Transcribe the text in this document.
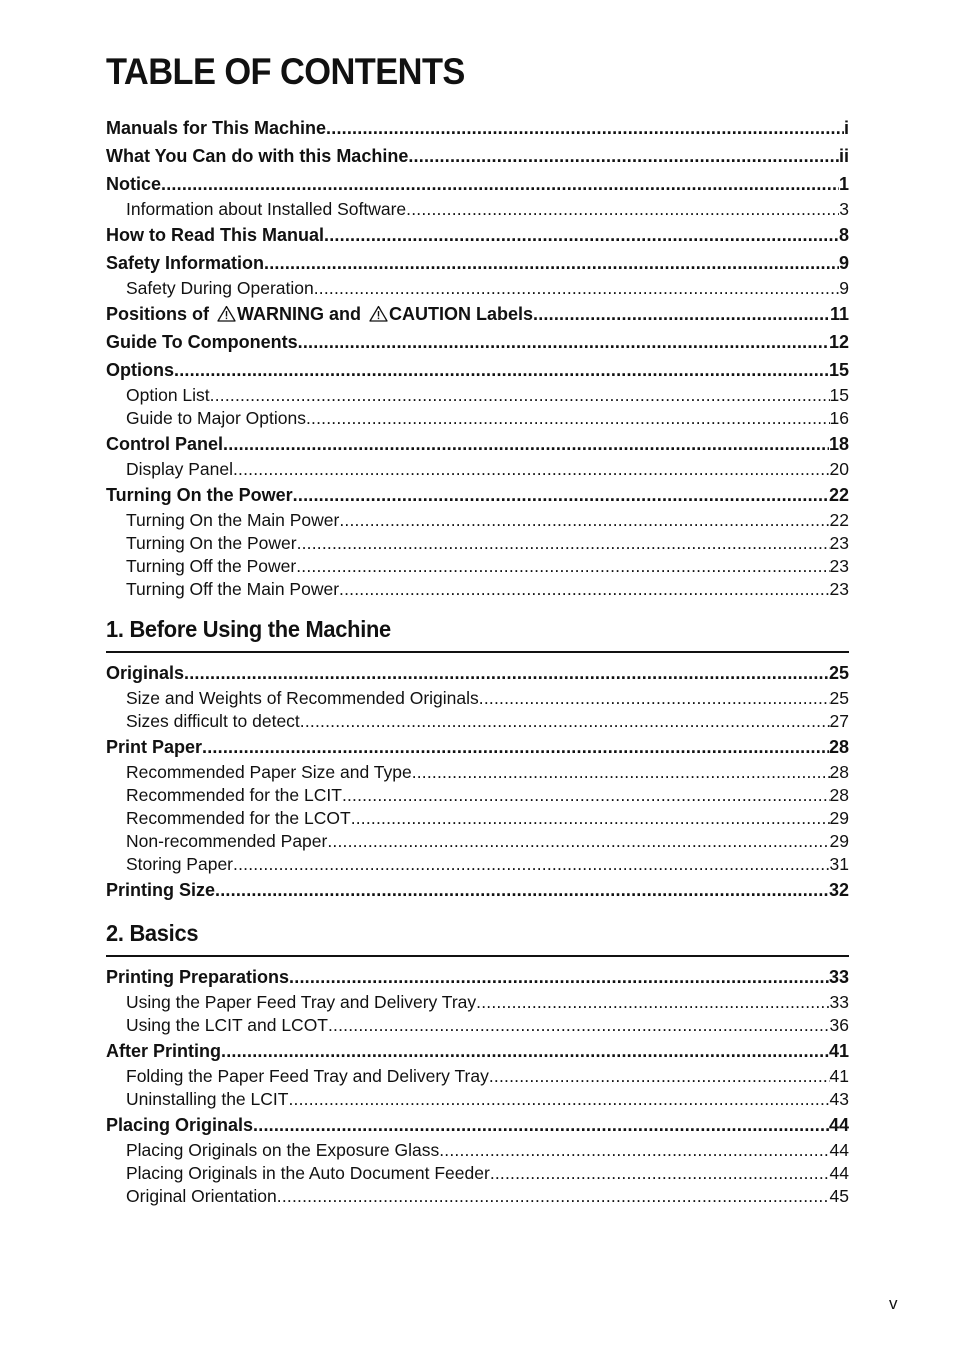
TABLE OF CONTENTS
Manuals for This Machine .....	i
What You Can do with this Machine .....	ii
Notice .....	1
Information about Installed Software .....	3
How to Read This Manual .....	8
Safety Information .....	9
Safety During Operation .....	9
Positions of WARNING and CAUTION Labels .....	11
Guide To Components .....	12
Options .....	15
Option List .....	15
Guide to Major Options .....	16
Control Panel .....	18
Display Panel .....	20
Turning On the Power .....	22
Turning On the Main Power .....	22
Turning On the Power .....	23
Turning Off the Power .....	23
Turning Off the Main Power .....	23
1. Before Using the Machine
Originals .....	25
Size and Weights of Recommended Originals .....	25
Sizes difficult to detect .....	27
Print Paper .....	28
Recommended Paper Size and Type .....	28
Recommended for the LCIT .....	28
Recommended for the LCOT .....	29
Non-recommended Paper .....	29
Storing Paper .....	31
Printing Size .....	32
2. Basics
Printing Preparations .....	33
Using the Paper Feed Tray and Delivery Tray .....	33
Using the LCIT and LCOT .....	36
After Printing .....	41
Folding the Paper Feed Tray and Delivery Tray .....	41
Uninstalling the LCIT .....	43
Placing Originals .....	44
Placing Originals on the Exposure Glass .....	44
Placing Originals in the Auto Document Feeder .....	44
Original Orientation .....	45
v
